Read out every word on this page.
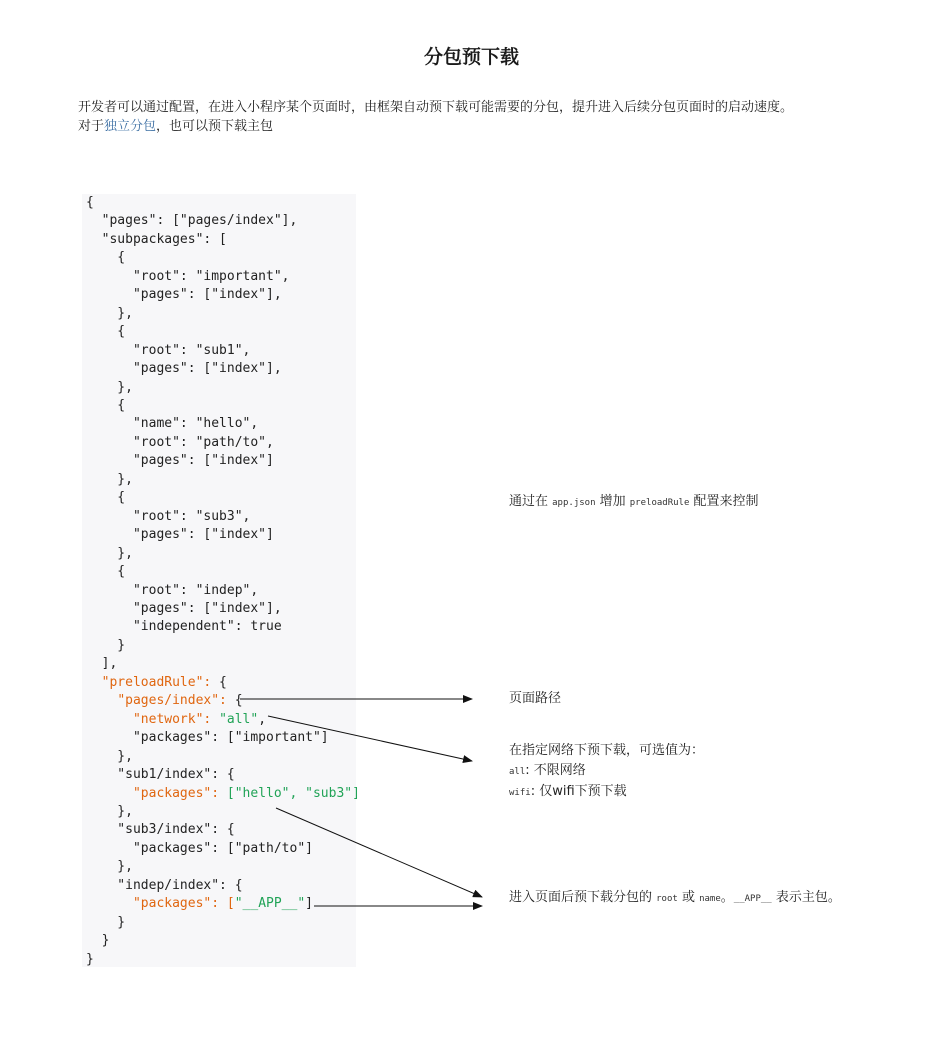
分包预下载
开发者可以通过配置，在进入小程序某个页面时，由框架自动预下载可能需要的分包，提升进入后续分包页面时的启动速度。
对于独立分包，也可以预下载主包
{
"pages": ["pages/index"],
"subpackages": [
{
"root": "important",
"pages": ["index"],
},
{
"root": "sub1",
"pages": ["index"],
},
{
"name": "hello",
"root": "path/to",
"pages": ["index"]
},
{
"root": "sub3",
"pages": ["index"]
},
{
"root": "indep",
"pages": ["index"],
"independent": true
}
],
"preloadRule": {
"pages/index": {
"network": "all",
"packages": ["important"]
},
"sub1/index": {
"packages": ["hello", "sub3"]
},
"sub3/index": {
"packages": ["path/to"]
},
"indep/index": {
"packages": ["__APP__"]
}
}
}
通过在 app.json 增加 preloadRule 配置来控制
页面路径
在指定网络下预下载，可选值为：
all: 不限网络
wifi: 仅wifi下预下载
进入页面后预下载分包的 root 或 name。__APP__ 表示主包。
